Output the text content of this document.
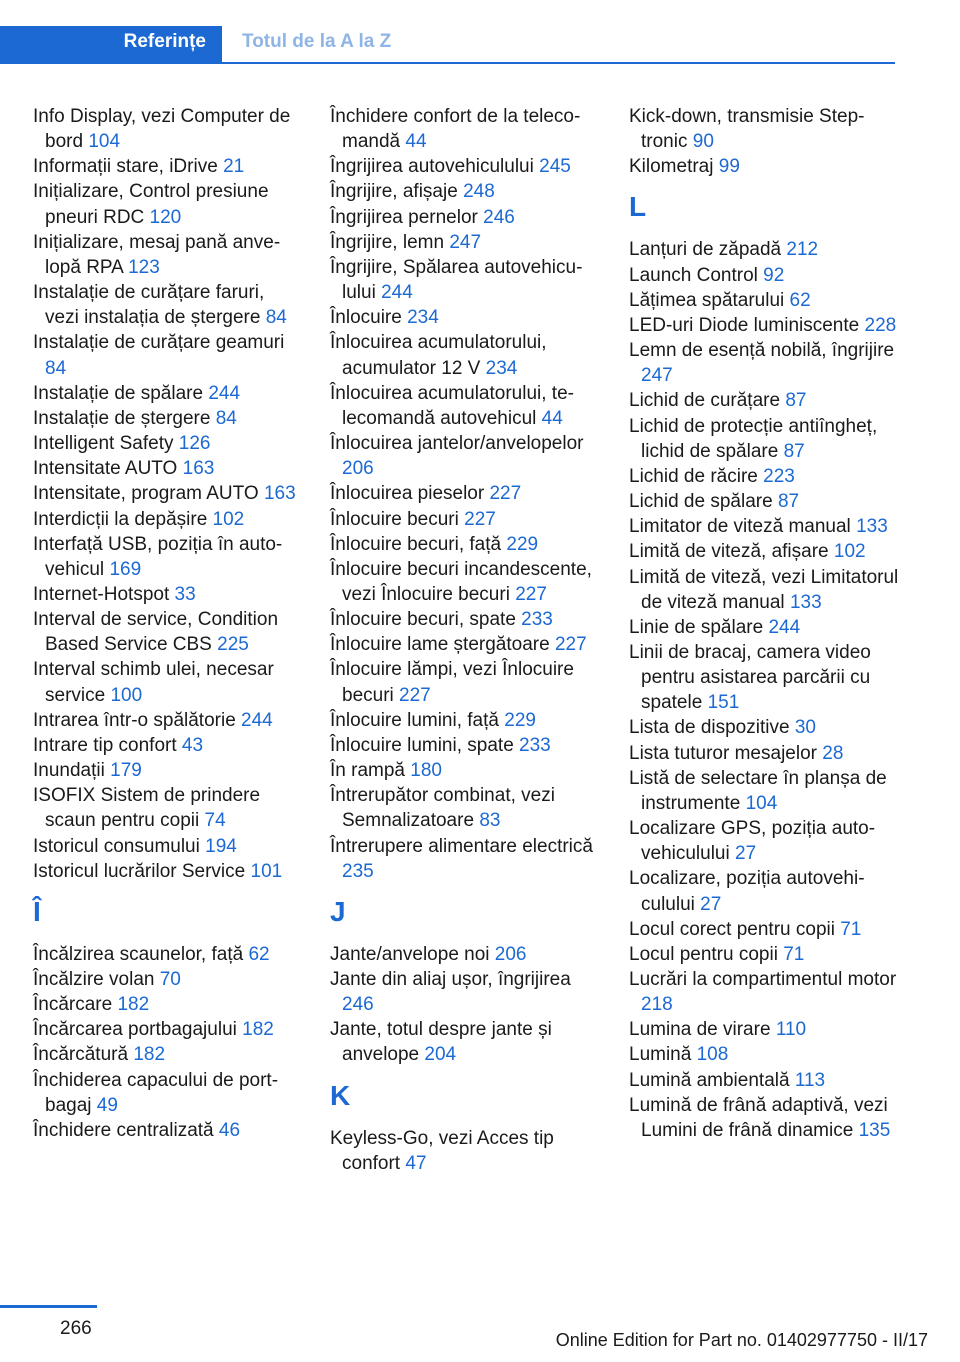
Referințe Totul de la A la Z
Info Display, vezi Computer de bord 104
Informații stare, iDrive 21
Inițializare, Control presiune pneuri RDC 120
Inițializare, mesaj pană anvelopă RPA 123
Instalație de curățare faruri, vezi instalația de ștergere 84
Instalație de curățare geamuri 84
Instalație de spălare 244
Instalație de ștergere 84
Intelligent Safety 126
Intensitate AUTO 163
Intensitate, program AUTO 163
Interdicții la depășire 102
Interfață USB, poziția în autovehicul 169
Internet-Hotspot 33
Interval de service, Condition Based Service CBS 225
Interval schimb ulei, necesar service 100
Intrarea într-o spălătorie 244
Intrare tip confort 43
Inundații 179
ISOFIX Sistem de prindere scaun pentru copii 74
Istoricul consumului 194
Istoricul lucrărilor Service 101
Î
Încălzirea scaunelor, față 62
Încălzire volan 70
Încărcare 182
Încărcarea portbagajului 182
Încărcătură 182
Închiderea capacului de portbagaj 49
Închidere centralizată 46
Închidere confort de la telecomandă 44
Îngrijirea autovehiculului 245
Îngrijire, afișaje 248
Îngrijirea pernelor 246
Îngrijire, lemn 247
Îngrijire, Spălarea autovehiculului 244
Înlocuire 234
Înlocuirea acumulatorului, acumulator 12 V 234
Înlocuirea acumulatorului, telecomandă autovehicul 44
Înlocuirea jantelor/anvelopelor 206
Înlocuirea pieselor 227
Înlocuire becuri 227
Înlocuire becuri, față 229
Înlocuire becuri incandescente, vezi Înlocuire becuri 227
Înlocuire becuri, spate 233
Înlocuire lame ștergătoare 227
Înlocuire lămpi, vezi Înlocuire becuri 227
Înlocuire lumini, față 229
Înlocuire lumini, spate 233
În rampă 180
Întrerupător combinat, vezi Semnalizatoare 83
Întrerupere alimentare electrică 235
J
Jante/anvelope noi 206
Jante din aliaj ușor, îngrijirea 246
Jante, totul despre jante și anvelope 204
K
Keyless-Go, vezi Acces tip confort 47
Kick-down, transmisie Steptronic 90
Kilometraj 99
L
Lanțuri de zăpadă 212
Launch Control 92
Lățimea spătarului 62
LED-uri Diode luminiscente 228
Lemn de esență nobilă, îngrijire 247
Lichid de curățare 87
Lichid de protecție antiîngheț, lichid de spălare 87
Lichid de răcire 223
Lichid de spălare 87
Limitator de viteză manual 133
Limită de viteză, afișare 102
Limită de viteză, vezi Limitatorul de viteză manual 133
Linie de spălare 244
Linii de bracaj, camera video pentru asistarea parcării cu spatele 151
Lista de dispozitive 30
Lista tuturor mesajelor 28
Listă de selectare în planșa de instrumente 104
Localizare GPS, poziția autovehiculului 27
Localizare, poziția autovehiculului 27
Locul corect pentru copii 71
Locul pentru copii 71
Lucrări la compartimentul motor 218
Lumina de virare 110
Lumină 108
Lumină ambientală 113
Lumină de frână adaptivă, vezi Lumini de frână dinamice 135
266
Online Edition for Part no. 01402977750 - II/17
